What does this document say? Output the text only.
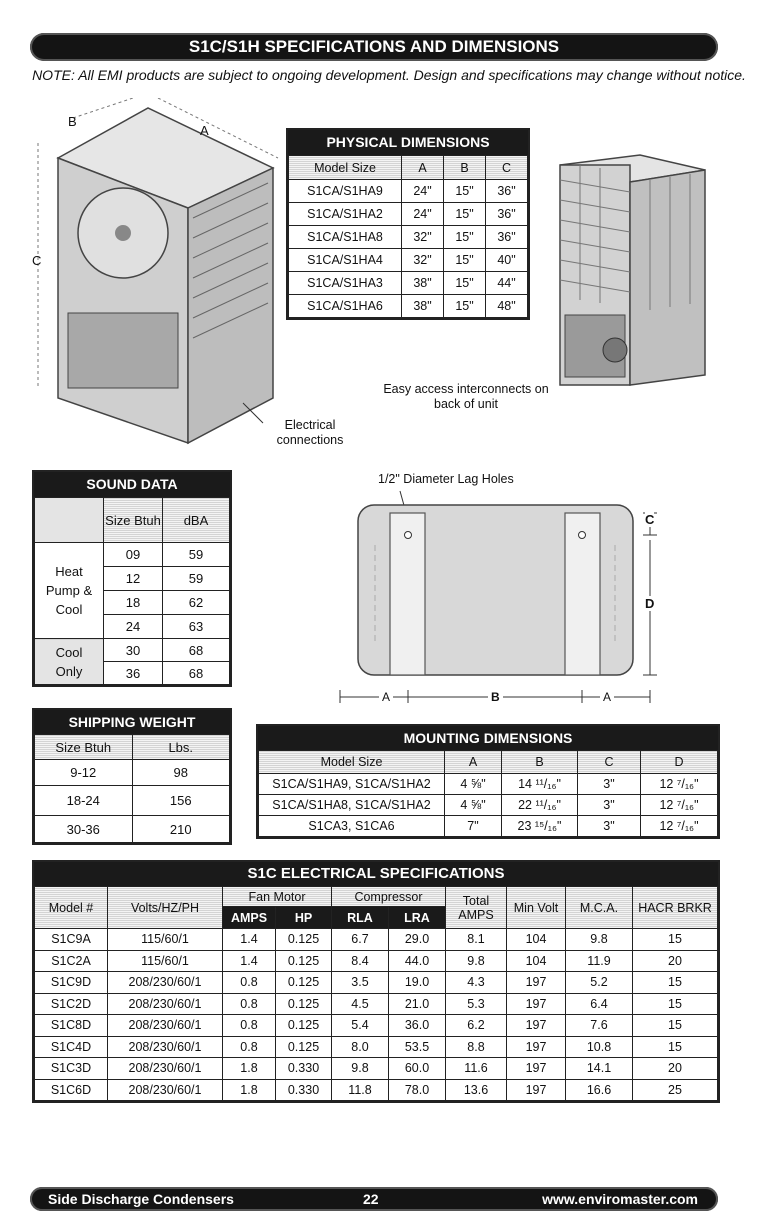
S1C/S1H SPECIFICATIONS AND DIMENSIONS
NOTE: All EMI products are subject to ongoing development. Design and specifications may change without notice.
B
A
C
Electrical connections
PHYSICAL DIMENSIONS
Model Size	A	B	C
S1CA/S1HA9	24"	15"	36"
S1CA/S1HA2	24"	15"	36"
S1CA/S1HA8	32"	15"	36"
S1CA/S1HA4	32"	15"	40"
S1CA/S1HA3	38"	15"	44"
S1CA/S1HA6	38"	15"	48"
Easy access interconnects on back of unit
SOUND DATA
	Size Btuh	dBA
Heat Pump & Cool	09	59
	12	59
	18	62
	24	63
Cool Only	30	68
	36	68
1/2" Diameter Lag Holes
A	B	A
C
D
SHIPPING WEIGHT
Size Btuh	Lbs.
9-12	98
18-24	156
30-36	210
MOUNTING DIMENSIONS
Model Size	A	B	C	D
S1CA/S1HA9, S1CA/S1HA2	4 ⅝"	14 ¹¹/₁₆"	3"	12 ⁷/₁₆"
S1CA/S1HA8, S1CA/S1HA2	4 ⅝"	22 ¹¹/₁₆"	3"	12 ⁷/₁₆"
S1CA3, S1CA6	7"	23 ¹⁵/₁₆"	3"	12 ⁷/₁₆"
S1C ELECTRICAL SPECIFICATIONS
Model #	Volts/HZ/PH	Fan Motor		Compressor		Total AMPS	Min Volt	M.C.A.	HACR BRKR
		AMPS	HP	RLA	LRA				
S1C9A	115/60/1	1.4	0.125	6.7	29.0	8.1	104	9.8	15
S1C2A	115/60/1	1.4	0.125	8.4	44.0	9.8	104	11.9	20
S1C9D	208/230/60/1	0.8	0.125	3.5	19.0	4.3	197	5.2	15
S1C2D	208/230/60/1	0.8	0.125	4.5	21.0	5.3	197	6.4	15
S1C8D	208/230/60/1	0.8	0.125	5.4	36.0	6.2	197	7.6	15
S1C4D	208/230/60/1	0.8	0.125	8.0	53.5	8.8	197	10.8	15
S1C3D	208/230/60/1	1.8	0.330	9.8	60.0	11.6	197	14.1	20
S1C6D	208/230/60/1	1.8	0.330	11.8	78.0	13.6	197	16.6	25
Side Discharge Condensers	22	www.enviromaster.com
